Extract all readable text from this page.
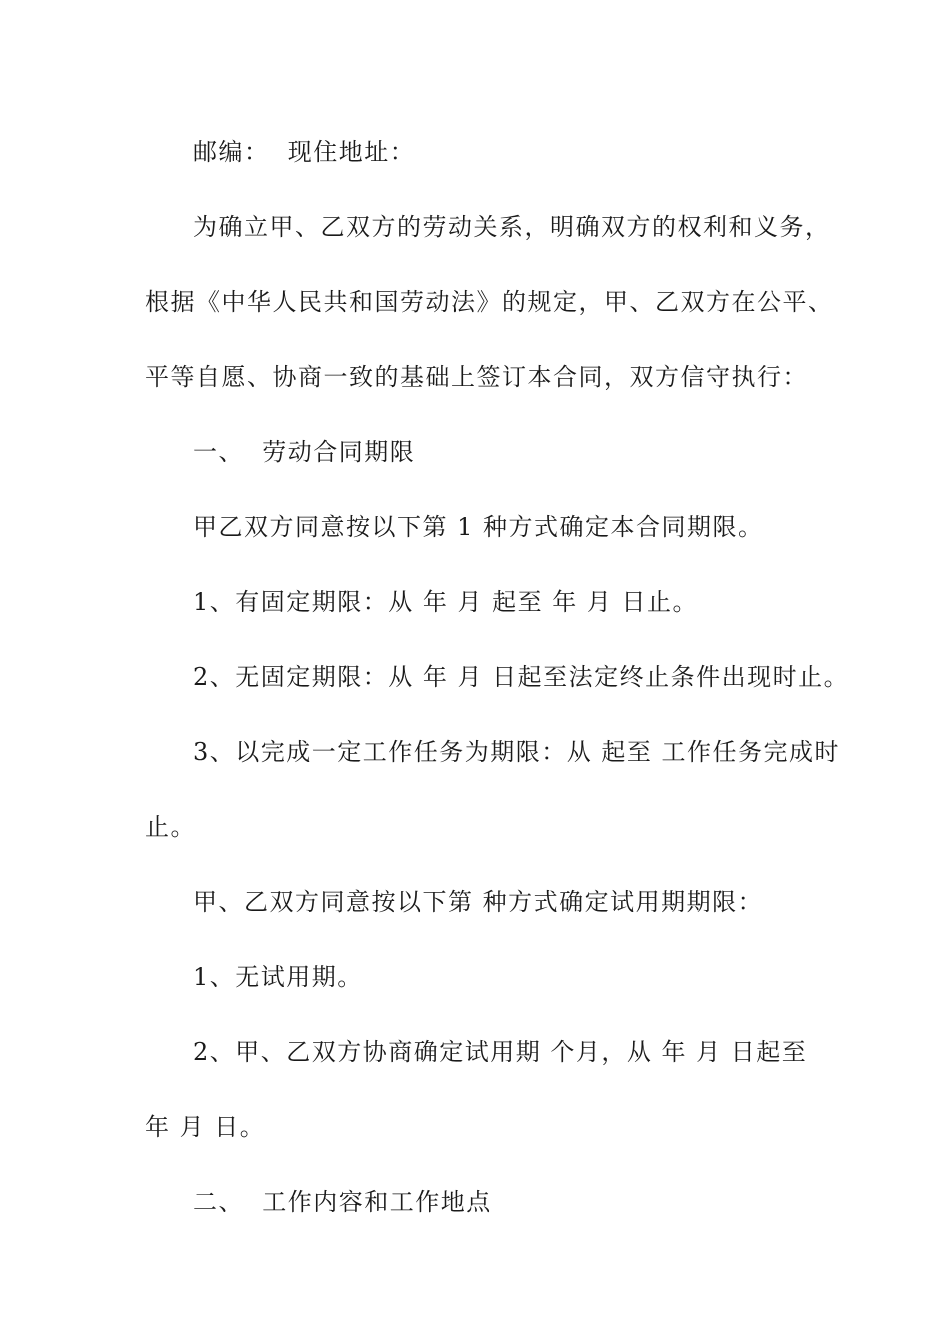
邮编：  现住地址：
为确立甲、乙双方的劳动关系，明确双方的权利和义务，
根据《中华人民共和国劳动法》的规定，甲、乙双方在公平、
平等自愿、协商一致的基础上签订本合同，双方信守执行：
一、  劳动合同期限
甲乙双方同意按以下第 1 种方式确定本合同期限。
1、有固定期限：从 年 月 起至 年 月 日止。
2、无固定期限：从 年 月 日起至法定终止条件出现时止。
3、以完成一定工作任务为期限：从 起至 工作任务完成时
止。
甲、乙双方同意按以下第 种方式确定试用期期限：
1、无试用期。
2、甲、乙双方协商确定试用期 个月，从 年 月 日起至
年 月 日。
二、  工作内容和工作地点
